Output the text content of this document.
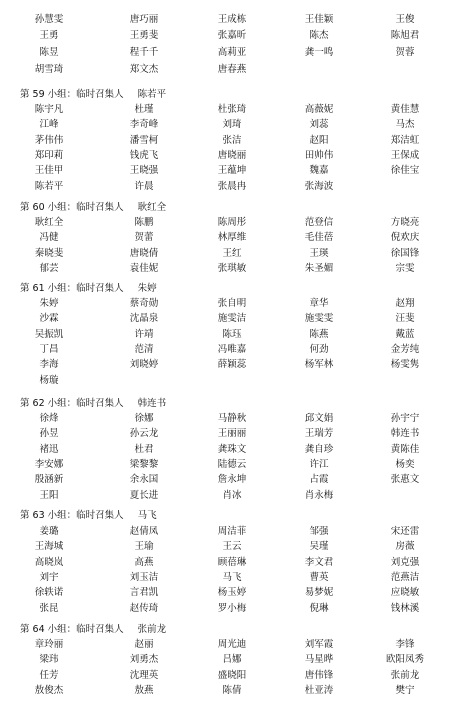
孙慧雯	唐巧丽	王成栋	王佳颖	王俊
王勇	王勇斐	张嘉昕	陈杰	陈旭君
陈昱	程千千	高莉亚	龚一鸣	贺蓉
胡雪琦	郑文杰	唐春燕
第 59 小组：临时召集人 陈若平
陈宇凡	杜瑾	杜张琦	高薇妮	黄佳慧
江峰	李奇峰	刘琦	刘蕊	马杰
茅伟伟	潘雪柯	张洁	赵阳	郑洁虹
郑印莉	钱虎飞	唐晓丽	田帅伟	王保成
王佳甲	王晓强	王蕴坤	魏嘉	徐佳宝
陈若平	许晨	张晨冉	张海波
第 60 小组：临时召集人 耿红全
耿红全	陈鹏	陈周彤	范登信	方晓亮
冯健	贺蕾	林厚维	毛佳蓓	倪欢庆
秦晓斐	唐晓倩	王红	王瑛	徐国锋
郁芸	袁佳妮	张琪敏	朱圣媚	宗雯
第 61 小组：临时召集人 朱婷
朱婷	蔡奇勋	张自明	章华	赵翔
沙霖	沈晶泉	施雯洁	施雯雯	汪斐
吴振凯	许靖	陈珏	陈燕	戴蓝
丁昌	范清	冯唯嘉	何劲	金芳纯
李海	刘晓婷	薛颖蕊	杨军林	杨雯隽
杨璇
第 62 小组：临时召集人 韩连书
徐烽	徐娜	马静秋	邱文娟	孙宇宁
孙昱	孙云龙	王丽丽	王瑞芳	韩连书
褚迅	杜君	龚珠文	龚自珍	黄陈佳
李安娜	梁黎黎	陆德云	许江	杨奕
殷涵新	余永国	詹永坤	占霞	张惠文
王阳	夏长进	肖冰	肖永梅
第 63 小组：临时召集人 马飞
姜璐	赵倩凤	周洁菲	邹强	宋还雷
王海城	王瑜	王云	吴瑾	房薇
高晓岚	高燕	顾蓓琳	李文君	刘克强
刘宇	刘玉洁	马飞	曹英	范燕洁
徐轶诺	言君凯	杨玉婷	易梦妮	应晓敏
张昆	赵传琦	罗小梅	倪琳	钱林溪
第 64 小组：临时召集人 张前龙
章玲丽	赵丽	周光迪	刘军霞	李锋
梁玮	刘勇杰	吕娜	马星晔	欧阳凤秀
任芳	沈理英	盛晓阳	唐伟锋	张前龙
敖俊杰	敖燕	陈倩	杜亚涛	樊宁
